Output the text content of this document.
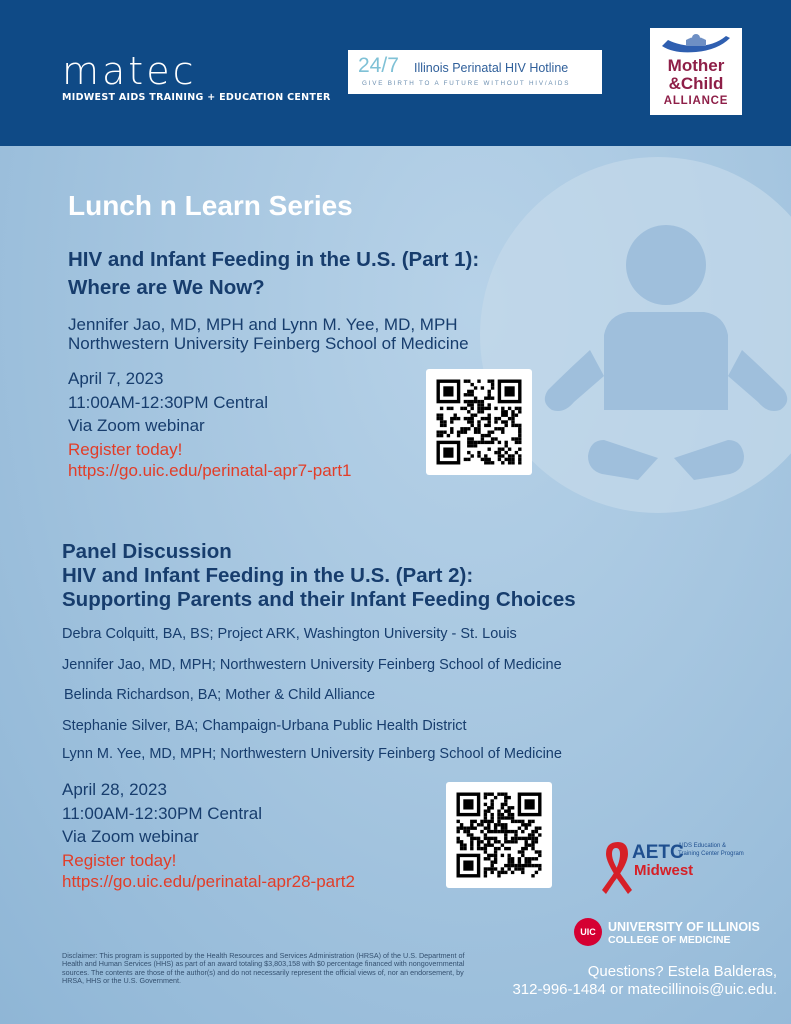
matec
MIDWEST AIDS TRAINING + EDUCATION CENTER
24/7 Illinois Perinatal HIV Hotline
GIVE BIRTH TO A FUTURE WITHOUT HIV/AIDS
Mother
&Child
ALLIANCE
Lunch n Learn Series
HIV and Infant Feeding in the U.S. (Part 1):
Where are We Now?
Jennifer Jao, MD, MPH and Lynn M. Yee, MD, MPH
Northwestern University Feinberg School of Medicine
April 7, 2023
11:00AM-12:30PM Central
Via Zoom webinar
Register today!
https://go.uic.edu/perinatal-apr7-part1
Panel Discussion
HIV and Infant Feeding in the U.S. (Part 2):
Supporting Parents and their Infant Feeding Choices
Debra Colquitt, BA, BS; Project ARK, Washington University - St. Louis
Jennifer Jao, MD, MPH; Northwestern University Feinberg School of Medicine
Belinda Richardson, BA; Mother & Child Alliance
Stephanie Silver, BA; Champaign-Urbana Public Health District
Lynn M. Yee, MD, MPH; Northwestern University Feinberg School of Medicine
April 28, 2023
11:00AM-12:30PM Central
Via Zoom webinar
Register today!
https://go.uic.edu/perinatal-apr28-part2
AETC
AIDS Education &
Training Center Program
Midwest
UIC UNIVERSITY OF ILLINOIS
COLLEGE OF MEDICINE
Disclaimer: This program is supported by the Health Resources and Services Administration (HRSA) of the U.S. Department of Health and Human Services (HHS) as part of an award totaling $3,803,158 with $0 percentage financed with nongovernmental sources. The contents are those of the author(s) and do not necessarily represent the official views of, nor an endorsement, by HRSA, HHS or the U.S. Government.
Questions? Estela Balderas,
312-996-1484 or matecillinois@uic.edu.
